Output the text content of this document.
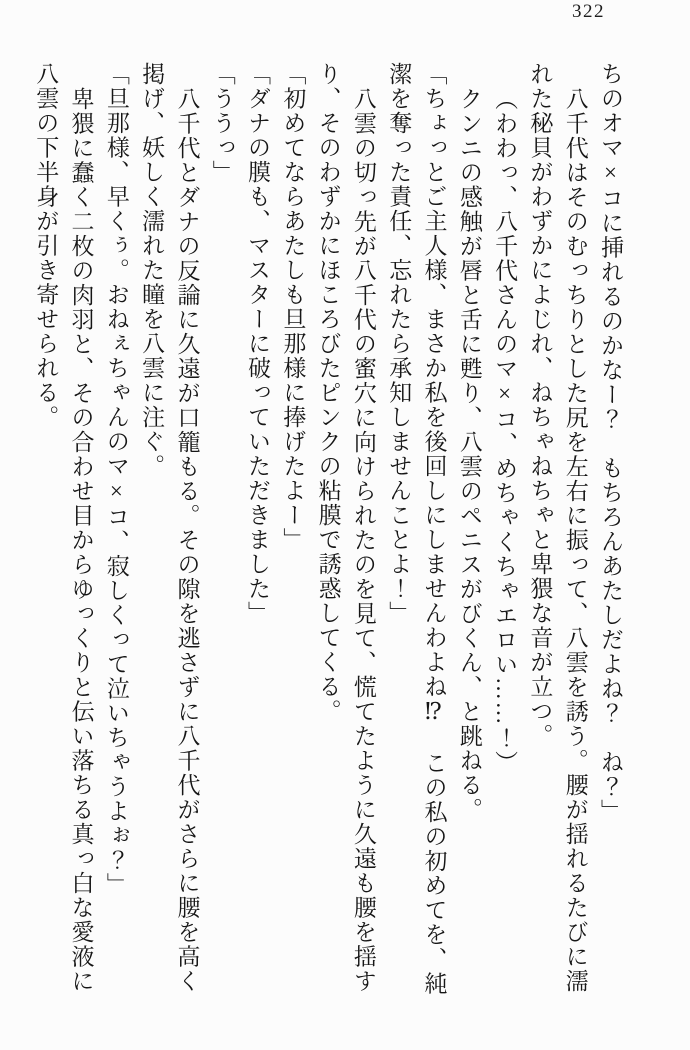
322
ちのオマ×コに挿れるのかなー？　もちろんあたしだよね？　ね？」
八千代はそのむっちりとした尻を左右に振って、八雲を誘う。腰が揺れるたびに濡
れた秘貝がわずかによじれ、ねちゃねちゃと卑猥な音が立つ。
（わわっ、八千代さんのマ×コ、めちゃくちゃエロい……！）
クンニの感触が唇と舌に甦り、八雲のペニスがびくん、と跳ねる。
「ちょっとご主人様、まさか私を後回しにしませんわよね⁉　この私の初めてを、純
潔を奪った責任、忘れたら承知しませんことよ！」
八雲の切っ先が八千代の蜜穴に向けられたのを見て、慌てたように久遠も腰を揺す
り、そのわずかにほころびたピンクの粘膜で誘惑してくる。
「初めてならあたしも旦那様に捧げたよー」
「ダナの膜も、マスターに破っていただきました」
「ううっ」
八千代とダナの反論に久遠が口籠もる。その隙を逃さずに八千代がさらに腰を高く
掲げ、妖しく濡れた瞳を八雲に注ぐ。
「旦那様、早くぅ。おねぇちゃんのマ×コ、寂しくって泣いちゃうよぉ？」
卑猥に蠢く二枚の肉羽と、その合わせ目からゆっくりと伝い落ちる真っ白な愛液に
八雲の下半身が引き寄せられる。
